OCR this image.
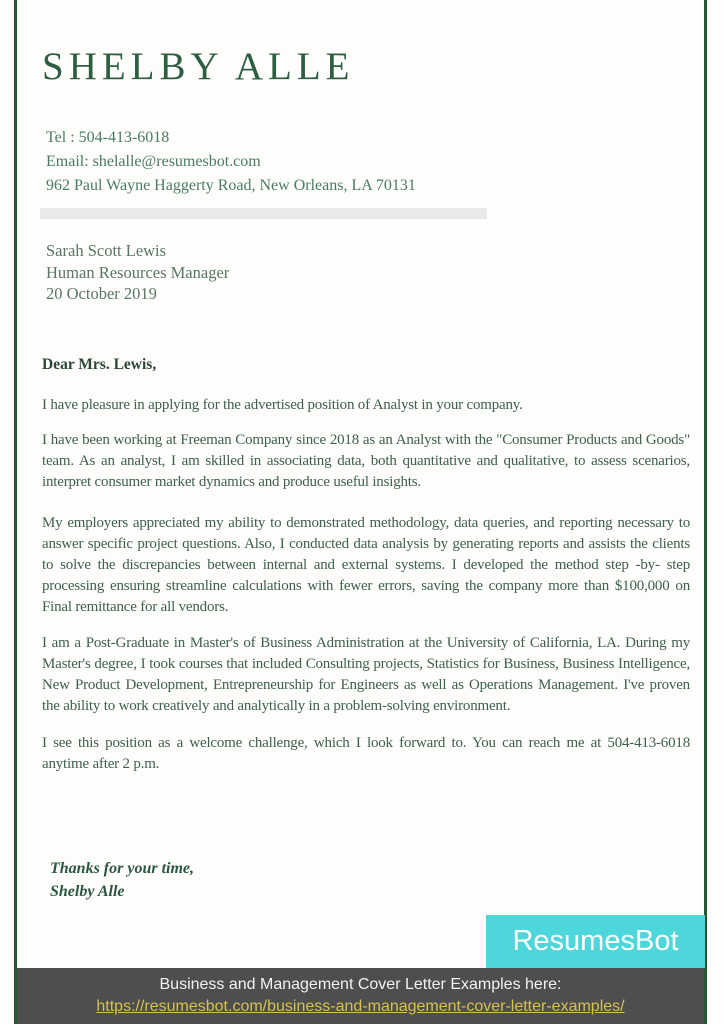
SHELBY ALLE
Tel : 504-413-6018
Email: shelalle@resumesbot.com
962 Paul Wayne Haggerty Road, New Orleans, LA 70131
Sarah Scott Lewis
Human Resources Manager
20 October 2019
Dear Mrs. Lewis,
I have pleasure in applying for the advertised position of Analyst in your company.
I have been working at Freeman Company since 2018 as an Analyst with the "Consumer Products and Goods" team. As an analyst, I am skilled in associating data, both quantitative and qualitative, to assess scenarios, interpret consumer market dynamics and produce useful insights.
My employers appreciated my ability to demonstrated methodology, data queries, and reporting necessary to answer specific project questions. Also, I conducted data analysis by generating reports and assists the clients to solve the discrepancies between internal and external systems. I developed the method step -by- step processing ensuring streamline calculations with fewer errors, saving the company more than $100,000 on Final remittance for all vendors.
I am a Post-Graduate in Master's of Business Administration at the University of California, LA. During my Master's degree, I took courses that included Consulting projects, Statistics for Business, Business Intelligence, New Product Development, Entrepreneurship for Engineers as well as Operations Management. I've proven the ability to work creatively and analytically in a problem-solving environment.
I see this position as a welcome challenge, which I look forward to. You can reach me at 504-413-6018 anytime after 2 p.m.
Thanks for your time,
Shelby Alle
ResumesBot
Business and Management Cover Letter Examples here:
https://resumesbot.com/business-and-management-cover-letter-examples/
